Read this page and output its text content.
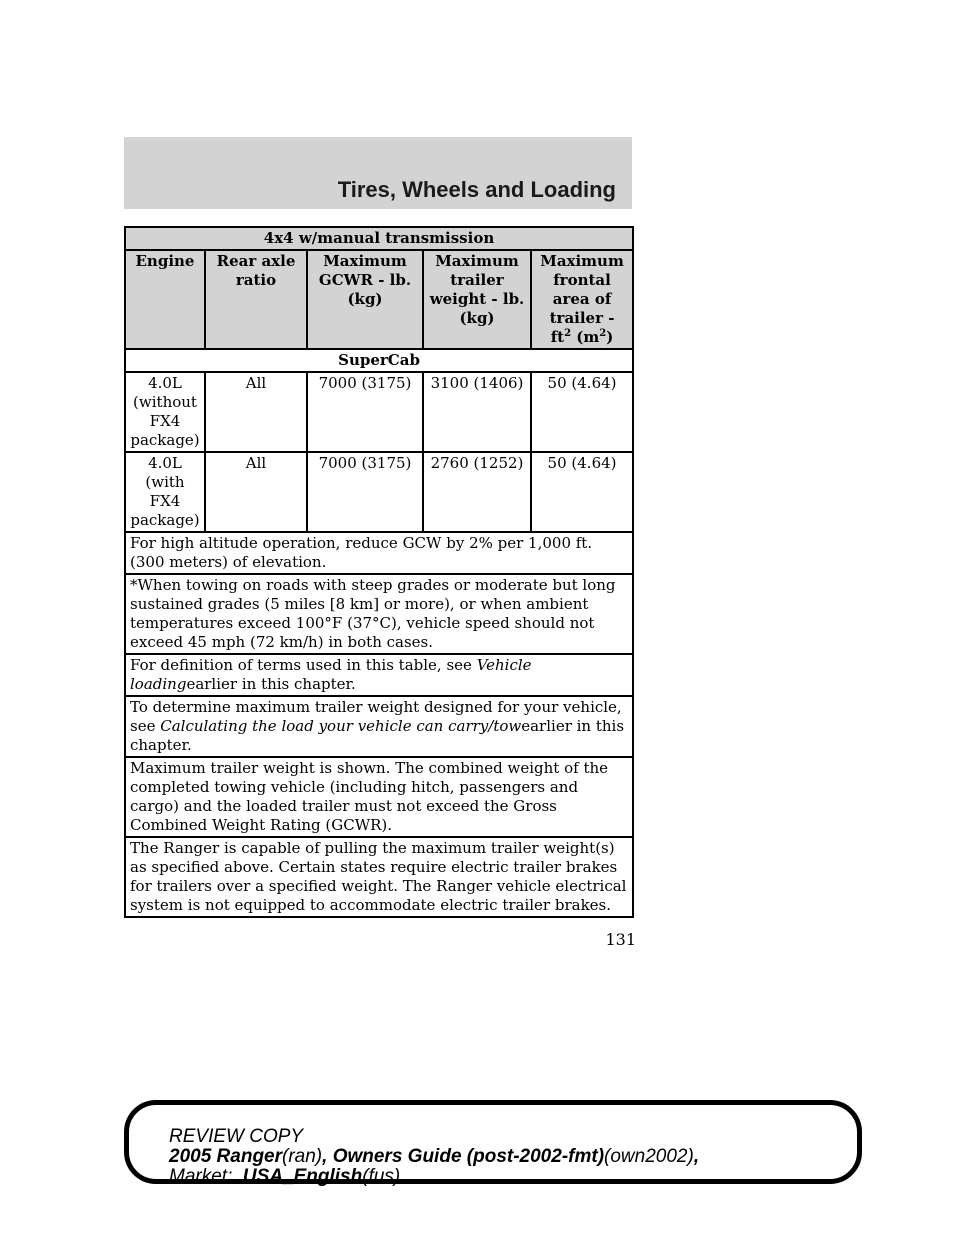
Tires, Wheels and Loading
4x4 w/manual transmission				
Engine	Rear axle ratio	Maximum GCWR - lb. (kg)	Maximum trailer weight - lb. (kg)	Maximum frontal area of trailer - $ft^2$ $(m^2)$
SuperCab				
4.0L (without FX4 package)	All	7000 (3175)	3100 (1406)	50 (4.64)
4.0L (with FX4 package)	All	7000 (3175)	2760 (1252)	50 (4.64)
For high altitude operation, reduce GCW by 2% per 1,000 ft. (300 meters) of elevation.				
*When towing on roads with steep grades or moderate but long sustained grades (5 miles [8 km] or more), or when ambient temperatures exceed 100°F (37°C), vehicle speed should not exceed 45 mph (72 km/h) in both cases.				
For definition of terms used in this table, see Vehicle loadingearlier in this chapter.				
To determine maximum trailer weight designed for your vehicle, see Calculating the load your vehicle can carry/towearlier in this chapter.				
Maximum trailer weight is shown. The combined weight of the completed towing vehicle (including hitch, passengers and cargo) and the loaded trailer must not exceed the Gross Combined Weight Rating (GCWR).				
The Ranger is capable of pulling the maximum trailer weight(s) as specified above. Certain states require electric trailer brakes for trailers over a specified weight. The Ranger vehicle electrical system is not equipped to accommodate electric trailer brakes.				
131
REVIEW COPY
2005 Ranger(ran), Owners Guide (post-2002-fmt)(own2002),
Market: USA_English(fus)
